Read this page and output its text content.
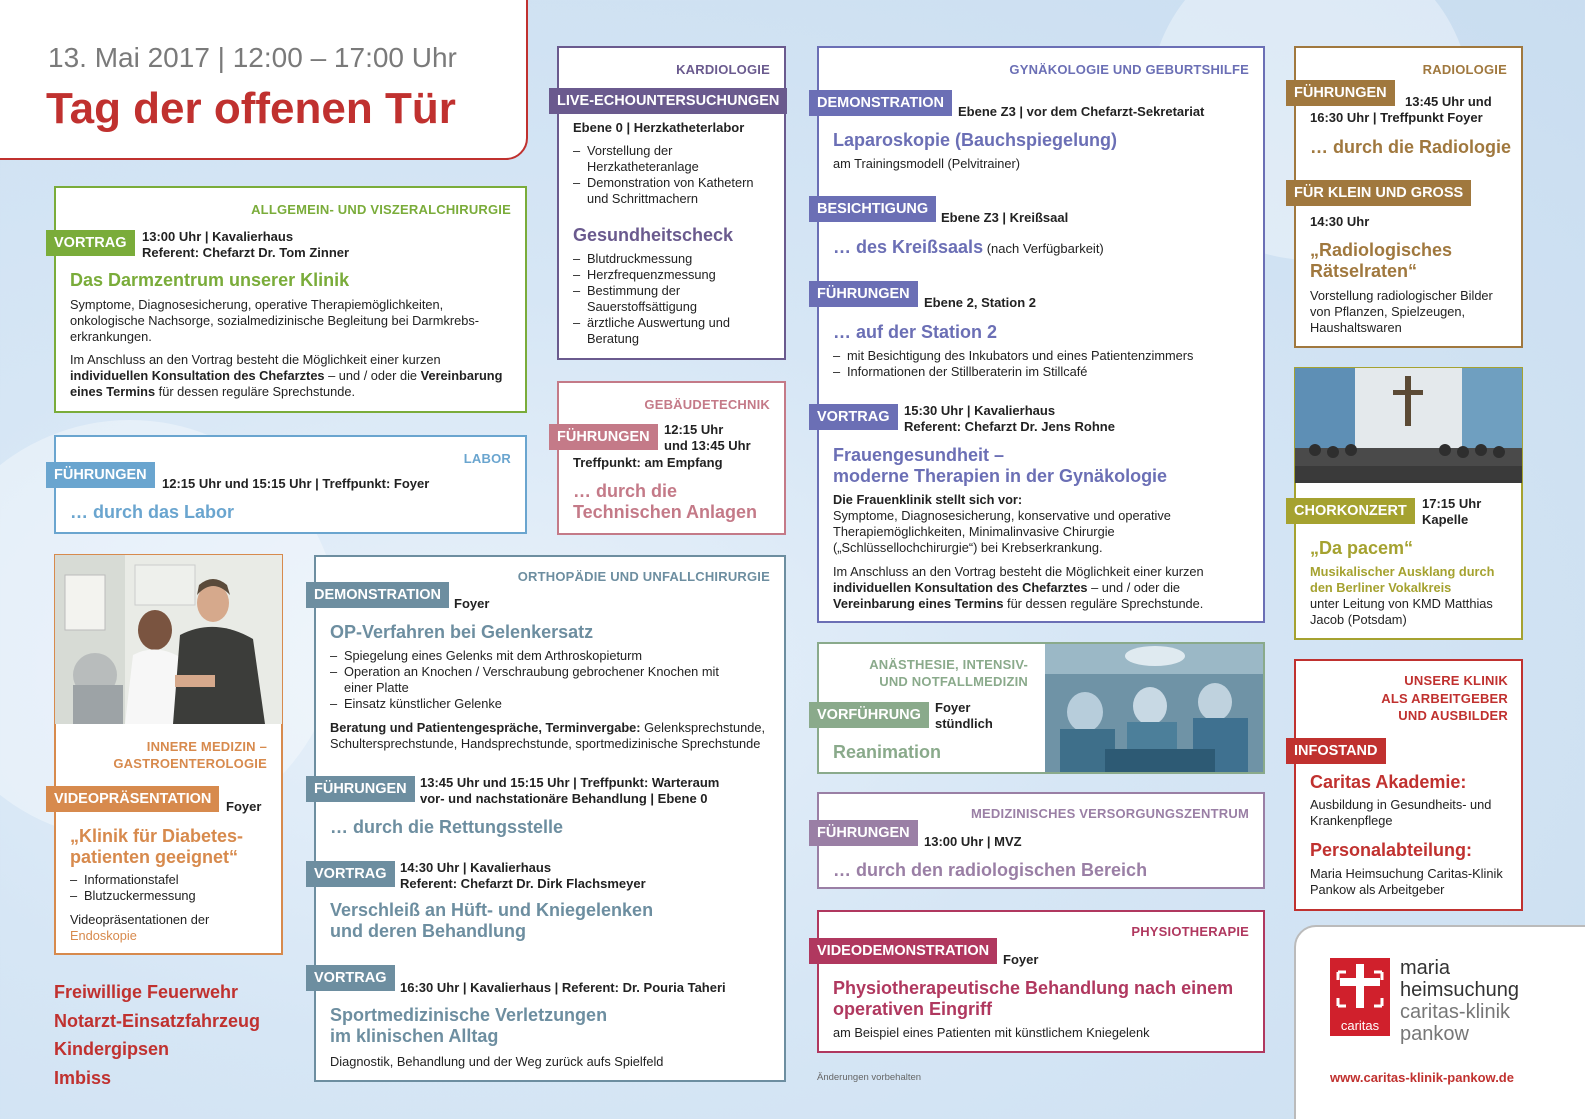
13. Mai 2017 | 12:00 – 17:00 Uhr
Tag der offenen Tür
ALLGEMEIN- UND VISZERALCHIRURGIE
VORTRAG	13:00 Uhr | Kavalierhaus
Referent: Chefarzt Dr. Tom Zinner
Das Darmzentrum unserer Klinik
Symptome, Diagnosesicherung, operative Therapiemöglichkeiten, onkologische Nachsorge, sozialmedizinische Begleitung bei Darmkrebs-erkrankungen.
Im Anschluss an den Vortrag besteht die Möglichkeit einer kurzen individuellen Konsultation des Chefarztes – und / oder die Vereinbarung eines Termins für dessen reguläre Sprechstunde.
LABOR
FÜHRUNGEN
12:15 Uhr und 15:15 Uhr | Treffpunkt: Foyer
… durch das Labor
INNERE MEDIZIN –
GASTROENTEROLOGIE
VIDEOPRÄSENTATION	Foyer
„Klinik für Diabetes-
patienten geeignet“
– Informationstafel
– Blutzuckermessung
Videopräsentationen der
Endoskopie
Freiwillige Feuerwehr
Notarzt-Einsatzfahrzeug
Kindergipsen
Imbiss
KARDIOLOGIE
LIVE-ECHOUNTERSUCHUNGEN
Ebene 0 | Herzkatheterlabor
– Vorstellung der Herzkatheteranlage
– Demonstration von Kathetern und Schrittmachern
Gesundheitscheck
– Blutdruckmessung
– Herzfrequenzmessung
– Bestimmung der Sauerstoffsättigung
– ärztliche Auswertung und Beratung
GEBÄUDETECHNIK
FÜHRUNGEN	12:15 Uhr
und 13:45 Uhr
Treffpunkt: am Empfang
… durch die
Technischen Anlagen
ORTHOPÄDIE UND UNFALLCHIRURGIE
DEMONSTRATION
Foyer
OP-Verfahren bei Gelenkersatz
– Spiegelung eines Gelenks mit dem Arthroskopieturm
– Operation an Knochen / Verschraubung gebrochener Knochen mit einer Platte
– Einsatz künstlicher Gelenke
Beratung und Patientengespräche, Terminvergabe: Gelenksprechstunde, Schultersprechstunde, Handsprechstunde, sportmedizinische Sprechstunde
FÜHRUNGEN	13:45 Uhr und 15:15 Uhr | Treffpunkt: Warteraum
vor- und nachstationäre Behandlung | Ebene 0
… durch die Rettungsstelle
VORTRAG	14:30 Uhr | Kavalierhaus
Referent: Chefarzt Dr. Dirk Flachsmeyer
Verschleiß an Hüft- und Kniegelenken
und deren Behandlung
VORTRAG
16:30 Uhr | Kavalierhaus | Referent: Dr. Pouria Taheri
Sportmedizinische Verletzungen
im klinischen Alltag
Diagnostik, Behandlung und der Weg zurück aufs Spielfeld
GYNÄKOLOGIE UND GEBURTSHILFE
DEMONSTRATION
Ebene Z3 | vor dem Chefarzt-Sekretariat
Laparoskopie (Bauchspiegelung)
am Trainingsmodell (Pelvitrainer)
BESICHTIGUNG
Ebene Z3 | Kreißsaal
… des Kreißsaals (nach Verfügbarkeit)
FÜHRUNGEN
Ebene 2, Station 2
… auf der Station 2
– mit Besichtigung des Inkubators und eines Patientenzimmers
– Informationen der Stillberaterin im Stillcafé
VORTRAG	15:30 Uhr | Kavalierhaus
Referent: Chefarzt Dr. Jens Rohne
Frauengesundheit –
moderne Therapien in der Gynäkologie
Die Frauenklinik stellt sich vor:
Symptome, Diagnosesicherung, konservative und operative Therapiemöglichkeiten, Minimalinvasive Chirurgie („Schlüssellochchirurgie“) bei Krebserkrankung.
Im Anschluss an den Vortrag besteht die Möglichkeit einer kurzen individuellen Konsultation des Chefarztes – und / oder die Vereinbarung eines Termins für dessen reguläre Sprechstunde.
ANÄSTHESIE, INTENSIV-
UND NOTFALLMEDIZIN
VORFÜHRUNG	Foyer
stündlich
Reanimation
MEDIZINISCHES VERSORGUNGSZENTRUM
FÜHRUNGEN
13:00 Uhr | MVZ
… durch den radiologischen Bereich
PHYSIOTHERAPIE
VIDEODEMONSTRATION
Foyer
Physiotherapeutische Behandlung nach einem
operativen Eingriff
am Beispiel eines Patienten mit künstlichem Kniegelenk
Änderungen vorbehalten
RADIOLOGIE
FÜHRUNGEN
13:45 Uhr und
16:30 Uhr | Treffpunkt Foyer
… durch die Radiologie
FÜR KLEIN UND GROSS
14:30 Uhr
„Radiologisches
Rätselraten“
Vorstellung radiologischer Bilder von Pflanzen, Spielzeugen, Haushaltswaren
CHORKONZERT	17:15 Uhr
Kapelle
„Da pacem“
Musikalischer Ausklang durch den Berliner Vokalkreis
unter Leitung von KMD Matthias Jacob (Potsdam)
UNSERE KLINIK
ALS ARBEITGEBER
UND AUSBILDER
INFOSTAND
Caritas Akademie:
Ausbildung in Gesundheits- und Krankenpflege
Personalabteilung:
Maria Heimsuchung Caritas-Klinik Pankow als Arbeitgeber
caritas
maria
heimsuchung
caritas-klinik
pankow
www.caritas-klinik-pankow.de
